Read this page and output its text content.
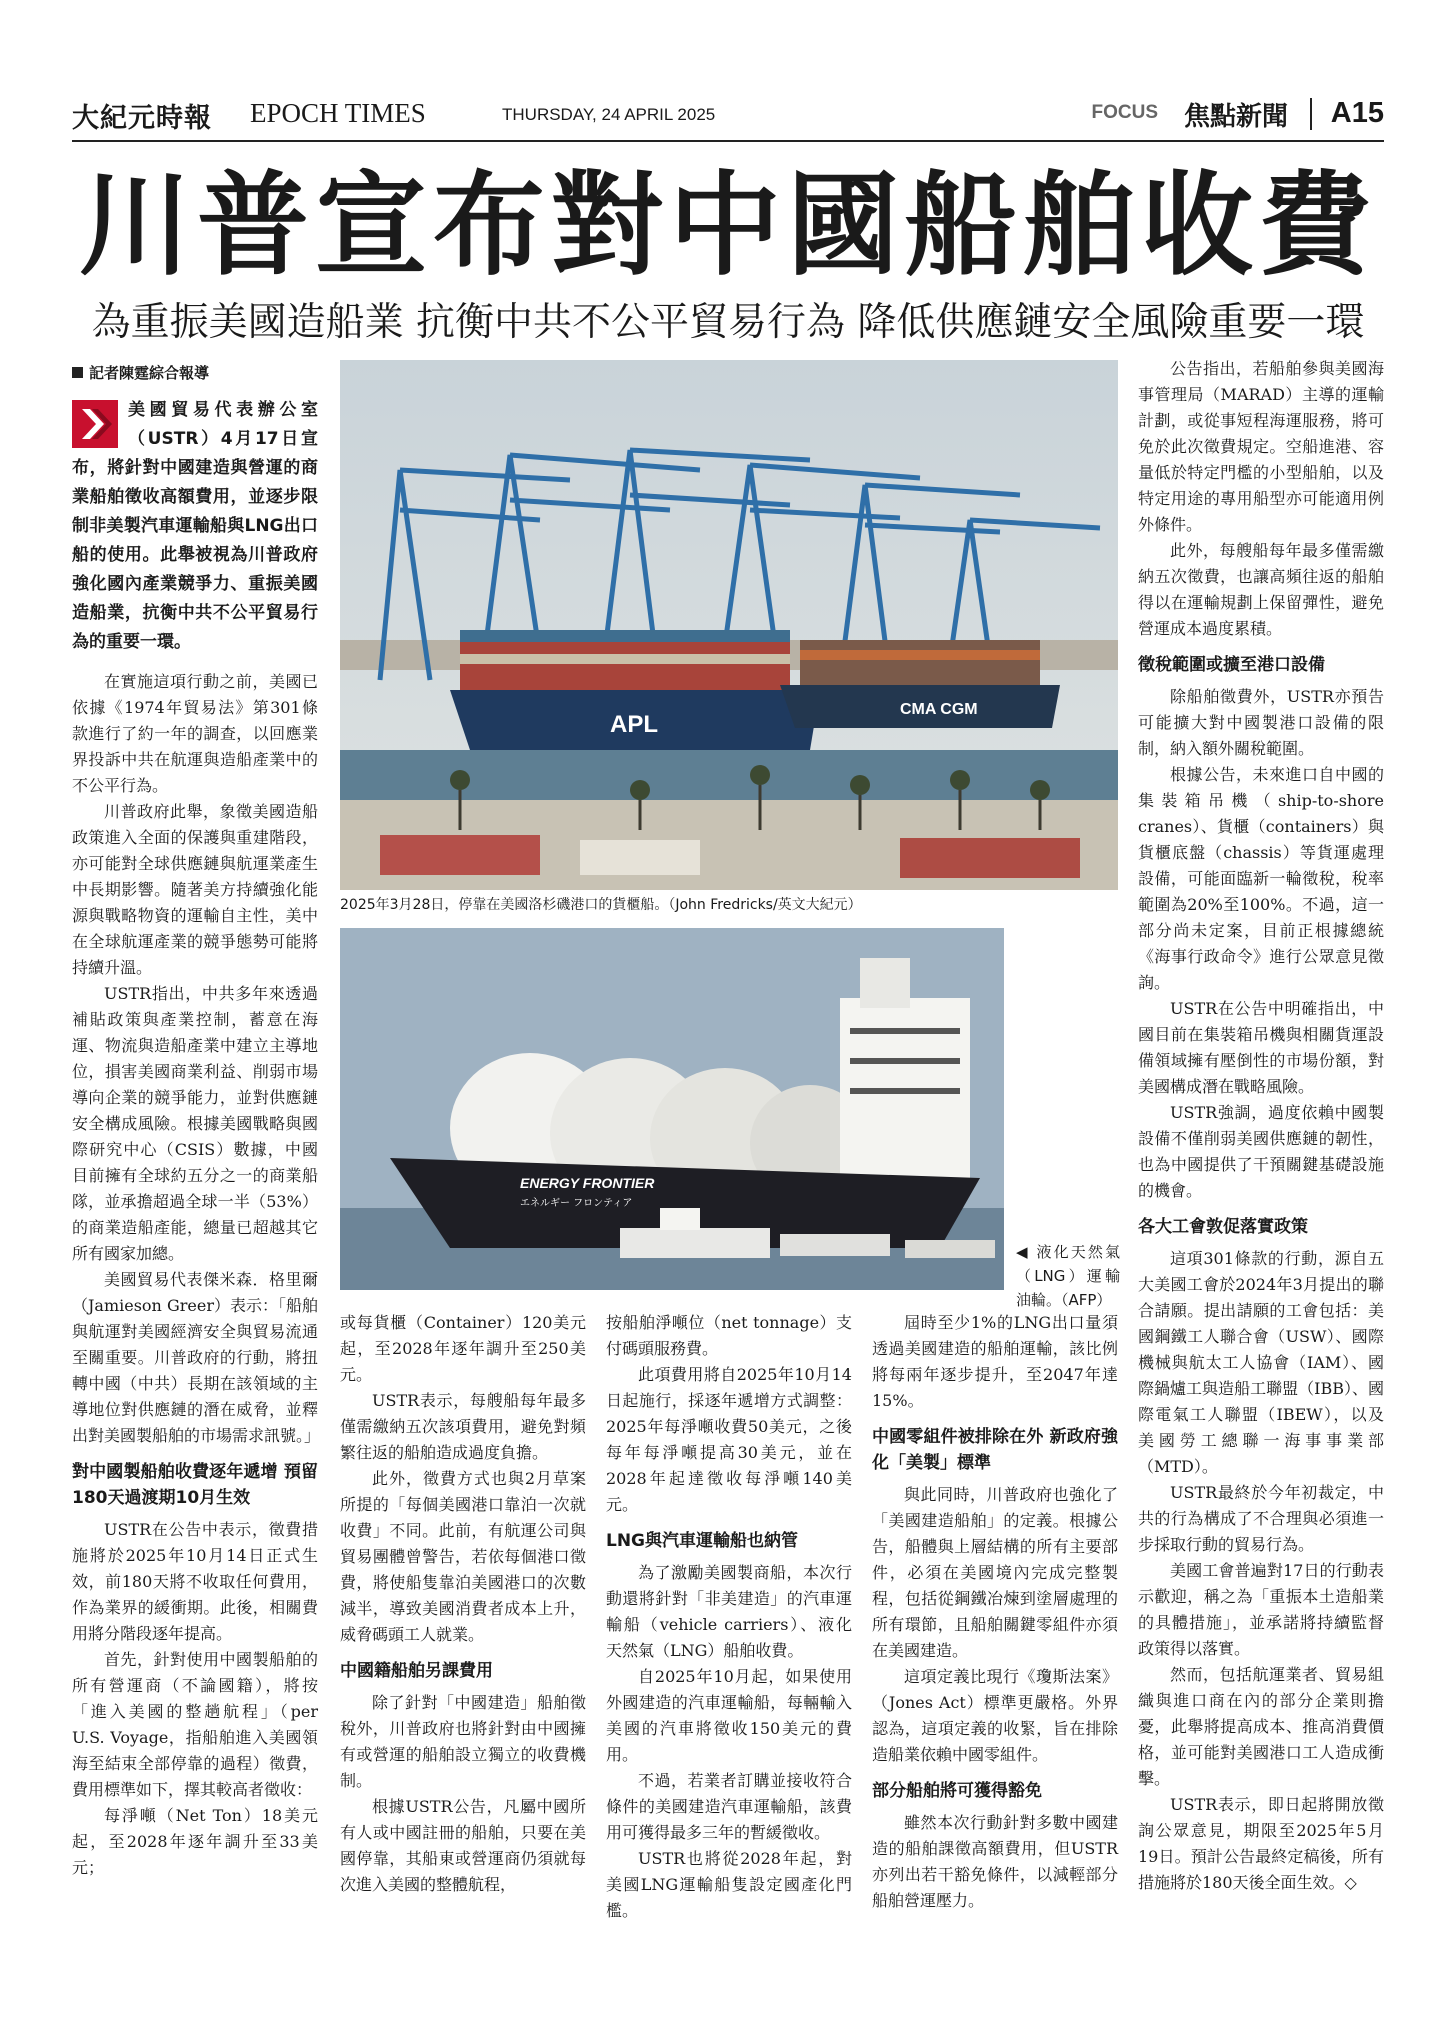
大紀元時報 EPOCH TIMES	THURSDAY, 24 APRIL 2025	FOCUS 焦點新聞 A15
川普宣布對中國船舶收費
為重振美國造船業 抗衡中共不公平貿易行為 降低供應鏈安全風險重要一環
記者陳霆綜合報導

美國貿易代表辦公室（USTR）4月17日宣布，將針對中國建造與營運的商業船舶徵收高額費用，並逐步限制非美製汽車運輸船與LNG出口船的使用。此舉被視為川普政府強化國內產業競爭力、重振美國造船業，抗衡中共不公平貿易行為的重要一環。

在實施這項行動之前，美國已依據《1974年貿易法》第301條款進行了約一年的調查，以回應業界投訴中共在航運與造船產業中的不公平行為。

川普政府此舉，象徵美國造船政策進入全面的保護與重建階段，亦可能對全球供應鏈與航運業產生中長期影響。隨著美方持續強化能源與戰略物資的運輸自主性，美中在全球航運產業的競爭態勢可能將持續升溫。

USTR指出，中共多年來透過補貼政策與產業控制，蓄意在海運、物流與造船產業中建立主導地位，損害美國商業利益、削弱市場導向企業的競爭能力，並對供應鏈安全構成風險。根據美國戰略與國際研究中心（CSIS）數據，中國目前擁有全球約五分之一的商業船隊，並承擔超過全球一半（53%）的商業造船產能，總量已超越其它所有國家加總。

美國貿易代表傑米森．格里爾（Jamieson Greer）表示：「船舶與航運對美國經濟安全與貿易流通至關重要。川普政府的行動，將扭轉中國（中共）長期在該領域的主導地位對供應鏈的潛在威脅，並釋出對美國製船舶的市場需求訊號。」

對中國製船舶收費逐年遞增 預留180天過渡期10月生效

USTR在公告中表示，徵費措施將於2025年10月14日正式生效，前180天將不收取任何費用，作為業界的緩衝期。此後，相關費用將分階段逐年提高。

首先，針對使用中國製船舶的所有營運商（不論國籍），將按「進入美國的整趟航程」（per U.S. Voyage，指船舶進入美國領海至結束全部停靠的過程）徵費，費用標準如下，擇其較高者徵收：

每淨噸（Net Ton）18美元起，至2028年逐年調升至33美元；

APL
CMA CGM
2025年3月28日，停靠在美國洛杉磯港口的貨櫃船。（John Fredricks/英文大紀元）
ENERGY FRONTIER
エネルギー フロンティア
◀ 液化天然氣（LNG）運輸油輪。（AFP）

或每貨櫃（Container）120美元起，至2028年逐年調升至250美元。

USTR表示，每艘船每年最多僅需繳納五次該項費用，避免對頻繁往返的船舶造成過度負擔。

此外，徵費方式也與2月草案所提的「每個美國港口靠泊一次就收費」不同。此前，有航運公司與貿易團體曾警告，若依每個港口徵費，將使船隻靠泊美國港口的次數減半，導致美國消費者成本上升，威脅碼頭工人就業。

中國籍船舶另課費用

除了針對「中國建造」船舶徵稅外，川普政府也將針對由中國擁有或營運的船舶設立獨立的收費機制。

根據USTR公告，凡屬中國所有人或中國註冊的船舶，只要在美國停靠，其船東或營運商仍須就每次進入美國的整體航程，

按船舶淨噸位（net tonnage）支付碼頭服務費。

此項費用將自2025年10月14日起施行，採逐年遞增方式調整：2025年每淨噸收費50美元，之後每年每淨噸提高30美元，並在2028年起達徵收每淨噸140美元。

LNG與汽車運輸船也納管

為了激勵美國製商船，本次行動還將針對「非美建造」的汽車運輸船（vehicle carriers）、液化天然氣（LNG）船舶收費。

自2025年10月起，如果使用外國建造的汽車運輸船，每輛輸入美國的汽車將徵收150美元的費用。

不過，若業者訂購並接收符合條件的美國建造汽車運輸船，該費用可獲得最多三年的暫緩徵收。

USTR也將從2028年起，對美國LNG運輸船隻設定國產化門檻。

屆時至少1%的LNG出口量須透過美國建造的船舶運輸，該比例將每兩年逐步提升，至2047年達15%。

中國零組件被排除在外 新政府強化「美製」標準

與此同時，川普政府也強化了「美國建造船舶」的定義。根據公告，船體與上層結構的所有主要部件，必須在美國境內完成完整製程，包括從鋼鐵冶煉到塗層處理的所有環節，且船舶關鍵零組件亦須在美國建造。

這項定義比現行《瓊斯法案》（Jones Act）標準更嚴格。外界認為，這項定義的收緊，旨在排除造船業依賴中國零組件。

部分船舶將可獲得豁免

雖然本次行動針對多數中國建造的船舶課徵高額費用，但USTR亦列出若干豁免條件，以減輕部分船舶營運壓力。

公告指出，若船舶參與美國海事管理局（MARAD）主導的運輸計劃，或從事短程海運服務，將可免於此次徵費規定。空船進港、容量低於特定門檻的小型船舶，以及特定用途的專用船型亦可能適用例外條件。

此外，每艘船每年最多僅需繳納五次徵費，也讓高頻往返的船舶得以在運輸規劃上保留彈性，避免營運成本過度累積。

徵稅範圍或擴至港口設備

除船舶徵費外，USTR亦預告可能擴大對中國製港口設備的限制，納入額外關稅範圍。

根據公告，未來進口自中國的集裝箱吊機（ship-to-shore cranes）、貨櫃（containers）與貨櫃底盤（chassis）等貨運處理設備，可能面臨新一輪徵稅，稅率範圍為20%至100%。不過，這一部分尚未定案，目前正根據總統《海事行政命令》進行公眾意見徵詢。

USTR在公告中明確指出，中國目前在集裝箱吊機與相關貨運設備領域擁有壓倒性的市場份額，對美國構成潛在戰略風險。

USTR強調，過度依賴中國製設備不僅削弱美國供應鏈的韌性，也為中國提供了干預關鍵基礎設施的機會。

各大工會敦促落實政策

這項301條款的行動，源自五大美國工會於2024年3月提出的聯合請願。提出請願的工會包括：美國鋼鐵工人聯合會（USW）、國際機械與航太工人協會（IAM）、國際鍋爐工與造船工聯盟（IBB）、國際電氣工人聯盟（IBEW），以及美國勞工總聯一海事事業部（MTD）。

USTR最終於今年初裁定，中共的行為構成了不合理與必須進一步採取行動的貿易行為。

美國工會普遍對17日的行動表示歡迎，稱之為「重振本土造船業的具體措施」，並承諾將持續監督政策得以落實。

然而，包括航運業者、貿易組織與進口商在內的部分企業則擔憂，此舉將提高成本、推高消費價格，並可能對美國港口工人造成衝擊。

USTR表示，即日起將開放徵詢公眾意見，期限至2025年5月19日。預計公告最終定稿後，所有措施將於180天後全面生效。◇
